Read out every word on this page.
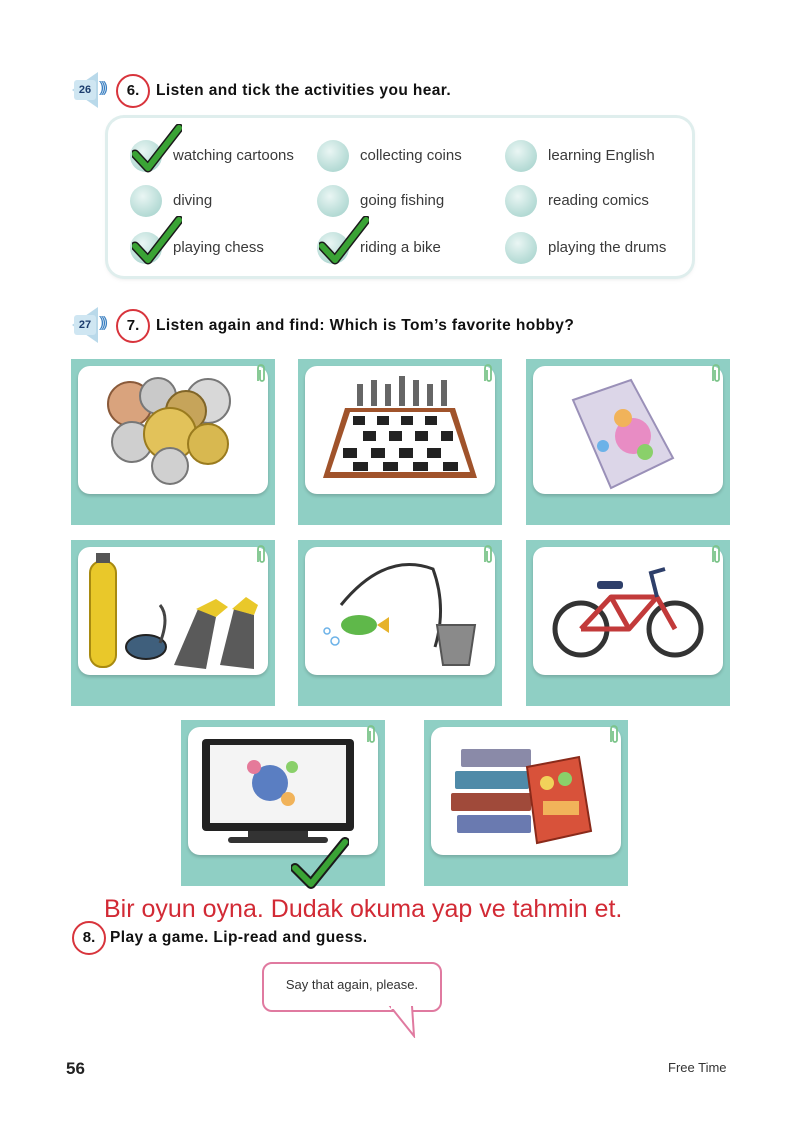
26 )))	6.	Listen and tick the activities you hear.
watching cartoons	collecting coins	learning English
diving	going fishing	reading comics
playing chess	riding a bike	playing the drums
27 )))	7.	Listen again and find: Which is Tom’s favorite hobby?
Bir oyun oyna. Dudak okuma yap ve tahmin et.
8. Play a game. Lip-read and guess.
Say that again, please.
56	Free Time
